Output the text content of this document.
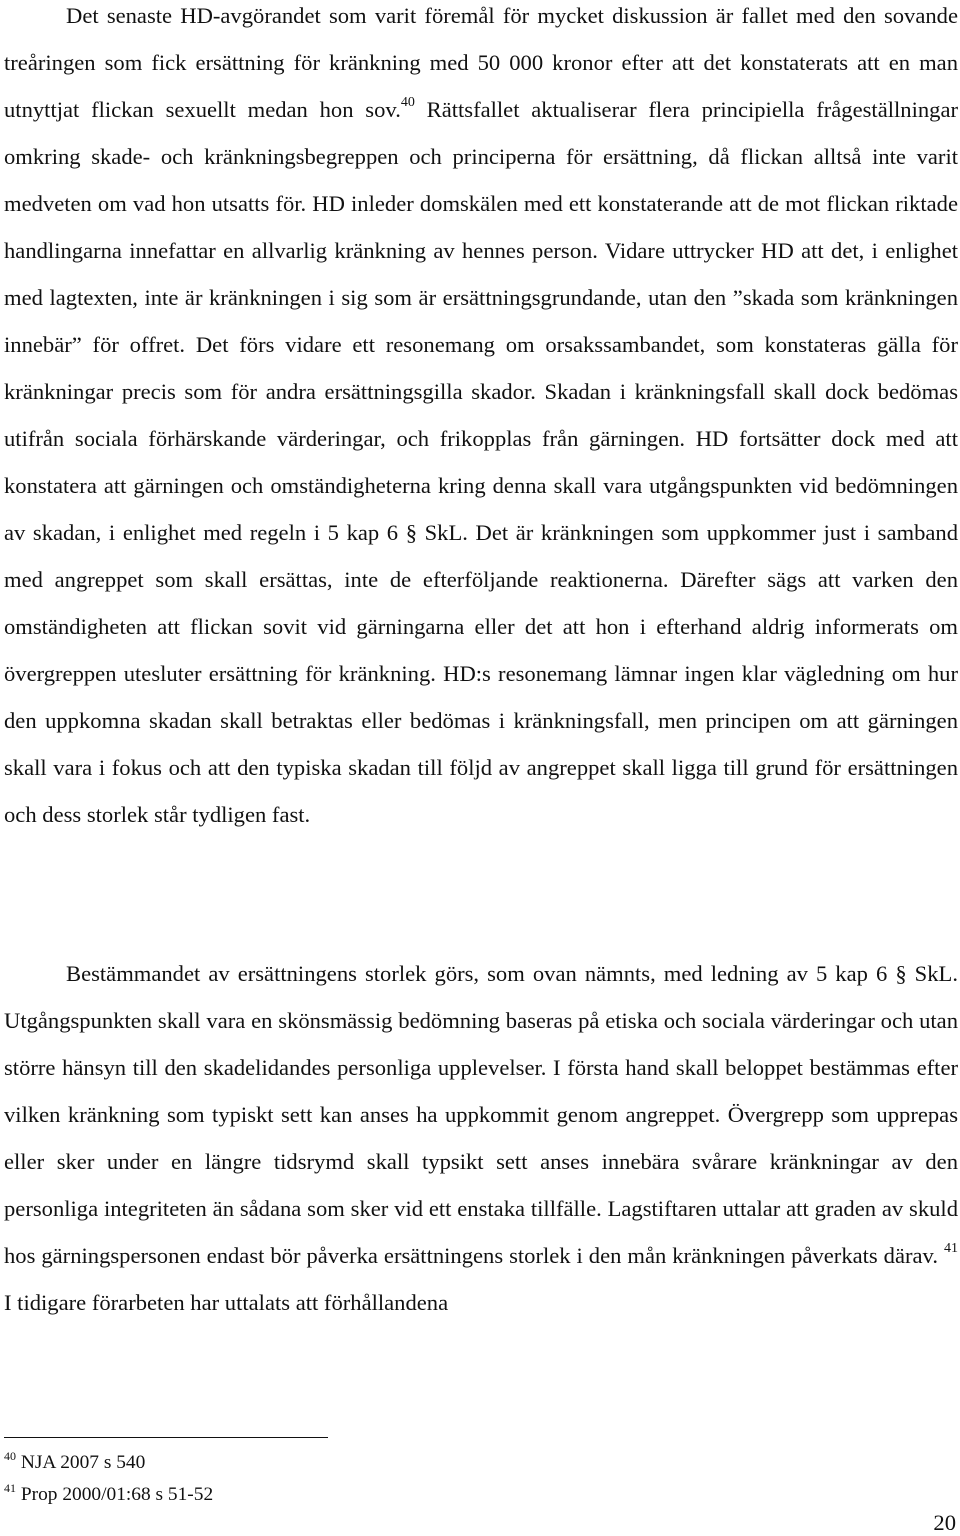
Det senaste HD-avgörandet som varit föremål för mycket diskussion är fallet med den sovande treåringen som fick ersättning för kränkning med 50 000 kronor efter att det konstaterats att en man utnyttjat flickan sexuellt medan hon sov.$^{40}$ Rättsfallet aktualiserar flera principiella frågeställningar omkring skade- och kränkningsbegreppen och principerna för ersättning, då flickan alltså inte varit medveten om vad hon utsatts för. HD inleder domskälen med ett konstaterande att de mot flickan riktade handlingarna innefattar en allvarlig kränkning av hennes person. Vidare uttrycker HD att det, i enlighet med lagtexten, inte är kränkningen i sig som är ersättningsgrundande, utan den ”skada som kränkningen innebär” för offret. Det förs vidare ett resonemang om orsakssambandet, som konstateras gälla för kränkningar precis som för andra ersättningsgilla skador. Skadan i kränkningsfall skall dock bedömas utifrån sociala förhärskande värderingar, och frikopplas från gärningen. HD fortsätter dock med att konstatera att gärningen och omständigheterna kring denna skall vara utgångspunkten vid bedömningen av skadan, i enlighet med regeln i 5 kap 6 § SkL. Det är kränkningen som uppkommer just i samband med angreppet som skall ersättas, inte de efterföljande reaktionerna. Därefter sägs att varken den omständigheten att flickan sovit vid gärningarna eller det att hon i efterhand aldrig informerats om övergreppen utesluter ersättning för kränkning. HD:s resonemang lämnar ingen klar vägledning om hur den uppkomna skadan skall betraktas eller bedömas i kränkningsfall, men principen om att gärningen skall vara i fokus och att den typiska skadan till följd av angreppet skall ligga till grund för ersättningen och dess storlek står tydligen fast.

Bestämmandet av ersättningens storlek görs, som ovan nämnts, med ledning av 5 kap 6 § SkL. Utgångspunkten skall vara en skönsmässig bedömning baseras på etiska och sociala värderingar och utan större hänsyn till den skadelidandes personliga upplevelser. I första hand skall beloppet bestämmas efter vilken kränkning som typiskt sett kan anses ha uppkommit genom angreppet. Övergrepp som upprepas eller sker under en längre tidsrymd skall typsikt sett anses innebära svårare kränkningar av den personliga integriteten än sådana som sker vid ett enstaka tillfälle. Lagstiftaren uttalar att graden av skuld hos gärningspersonen endast bör påverka ersättningens storlek i den mån kränkningen påverkats därav. $^{41}$ I tidigare förarbeten har uttalats att förhållandena

$^{40}$ NJA 2007 s 540
$^{41}$ Prop 2000/01:68 s 51-52
20
